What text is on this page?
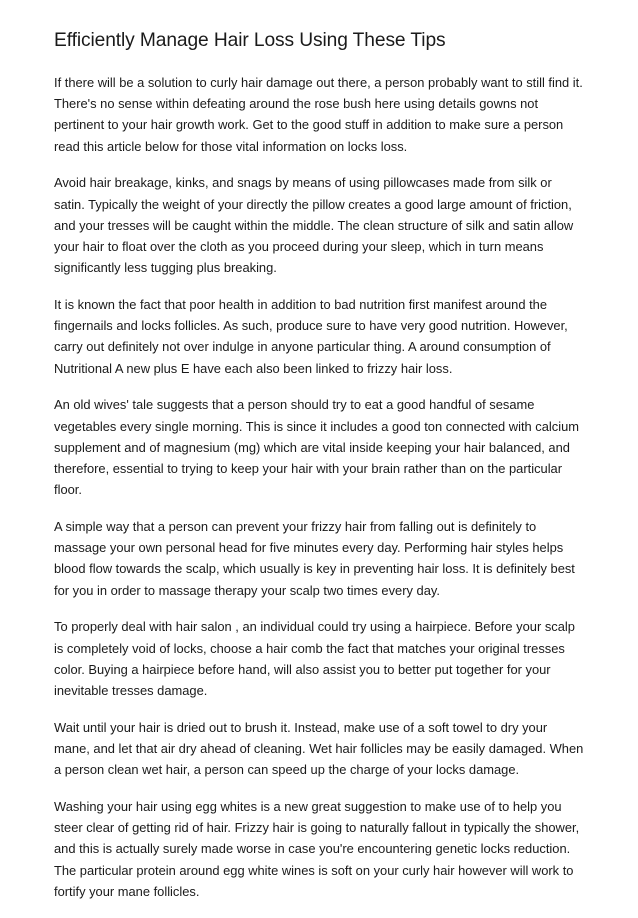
Efficiently Manage Hair Loss Using These Tips

If there will be a solution to curly hair damage out there, a person probably want to still find it.
There's no sense within defeating around the rose bush here using details gowns not
pertinent to your hair growth work. Get to the good stuff in addition to make sure a person
read this article below for those vital information on locks loss.

Avoid hair breakage, kinks, and snags by means of using pillowcases made from silk or
satin. Typically the weight of your directly the pillow creates a good large amount of friction,
and your tresses will be caught within the middle. The clean structure of silk and satin allow
your hair to float over the cloth as you proceed during your sleep, which in turn means
significantly less tugging plus breaking.

It is known the fact that poor health in addition to bad nutrition first manifest around the
fingernails and locks follicles. As such, produce sure to have very good nutrition. However,
carry out definitely not over indulge in anyone particular thing. A around consumption of
Nutritional A new plus E have each also been linked to frizzy hair loss.

An old wives' tale suggests that a person should try to eat a good handful of sesame
vegetables every single morning. This is since it includes a good ton connected with calcium
supplement and of magnesium (mg) which are vital inside keeping your hair balanced, and
therefore, essential to trying to keep your hair with your brain rather than on the particular
floor.

A simple way that a person can prevent your frizzy hair from falling out is definitely to
massage your own personal head for five minutes every day. Performing hair styles helps
blood flow towards the scalp, which usually is key in preventing hair loss. It is definitely best
for you in order to massage therapy your scalp two times every day.

To properly deal with hair salon , an individual could try using a hairpiece. Before your scalp
is completely void of locks, choose a hair comb the fact that matches your original tresses
color. Buying a hairpiece before hand, will also assist you to better put together for your
inevitable tresses damage.

Wait until your hair is dried out to brush it. Instead, make use of a soft towel to dry your
mane, and let that air dry ahead of cleaning. Wet hair follicles may be easily damaged. When
a person clean wet hair, a person can speed up the charge of your locks damage.

Washing your hair using egg whites is a new great suggestion to make use of to help you
steer clear of getting rid of hair. Frizzy hair is going to naturally fallout in typically the shower,
and this is actually surely made worse in case you're encountering genetic locks reduction.
The particular protein around egg white wines is soft on your curly hair however will work to
fortify your mane follicles.
